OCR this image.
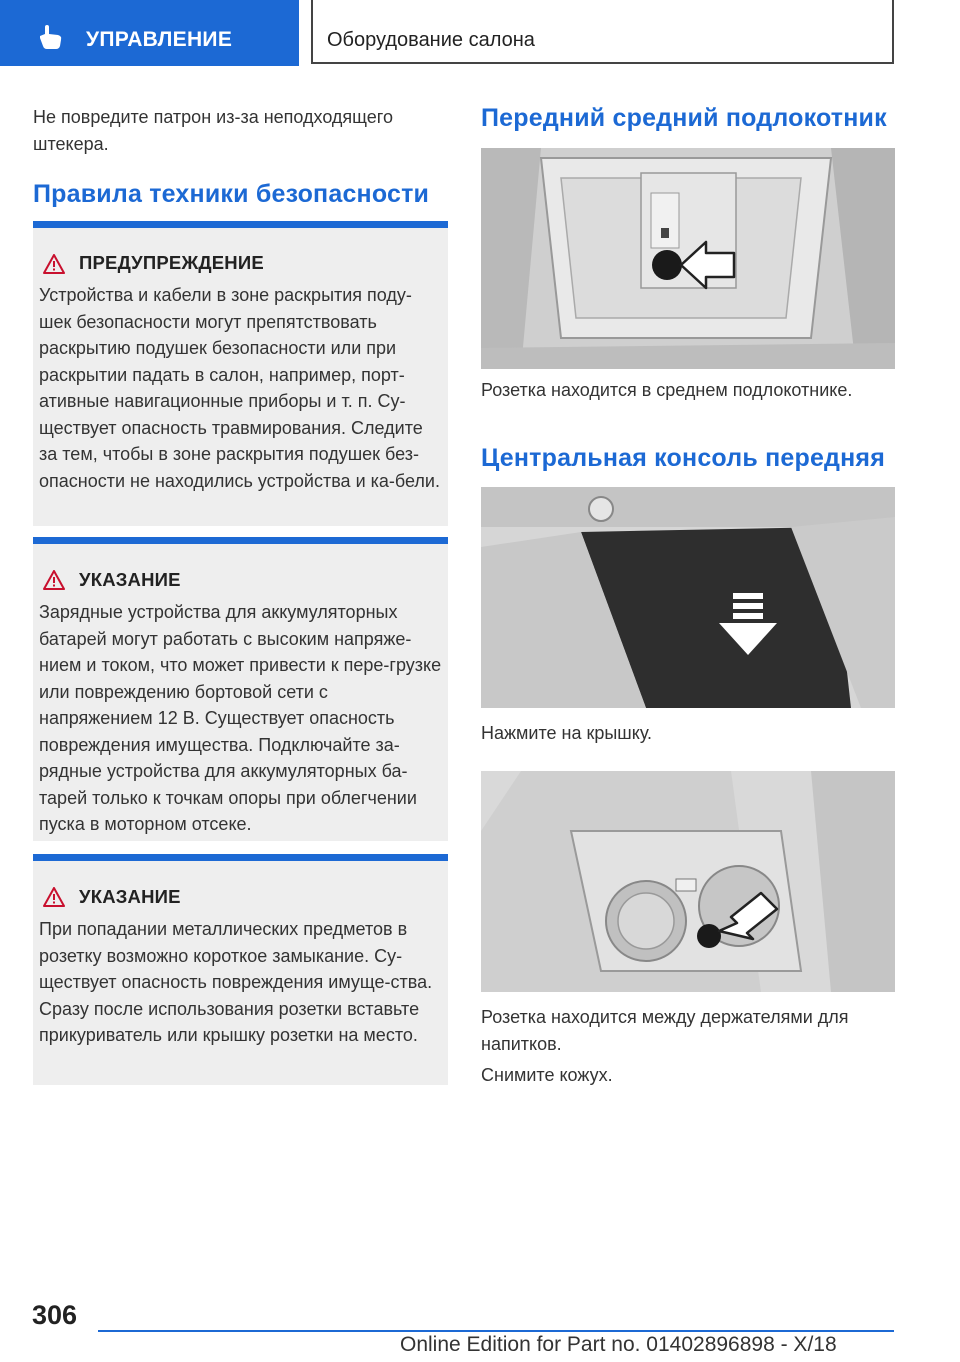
УПРАВЛЕНИЕ	Оборудование салона

Не повредите патрон из-за неподходящего штекера.

Правила техники безопасности
ПРЕДУПРЕЖДЕНИЕ

Устройства и кабели в зоне раскрытия поду-шек безопасности могут препятствовать раскрытию подушек безопасности или при раскрытии падать в салон, например, порт-ативные навигационные приборы и т. п. Су-ществует опасность травмирования. Следите за тем, чтобы в зоне раскрытия подушек без-опасности не находились устройства и ка-бели.

УКАЗАНИЕ

Зарядные устройства для аккумуляторных батарей могут работать с высоким напряже-нием и током, что может привести к пере-грузке или повреждению бортовой сети с напряжением 12 В. Существует опасность повреждения имущества. Подключайте за-рядные устройства для аккумуляторных ба-тарей только к точкам опоры при облегчении пуска в моторном отсеке.

УКАЗАНИЕ

При попадании металлических предметов в розетку возможно короткое замыкание. Су-ществует опасность повреждения имуще-ства. Сразу после использования розетки вставьте прикуриватель или крышку розетки на место.

Передний средний подлокотник

Розетка находится в среднем подлокотнике.

Центральная консоль передняя

Нажмите на крышку.

Розетка находится между держателями для напитков.

Снимите кожух.

306
Online Edition for Part no. 01402896898 - X/18
